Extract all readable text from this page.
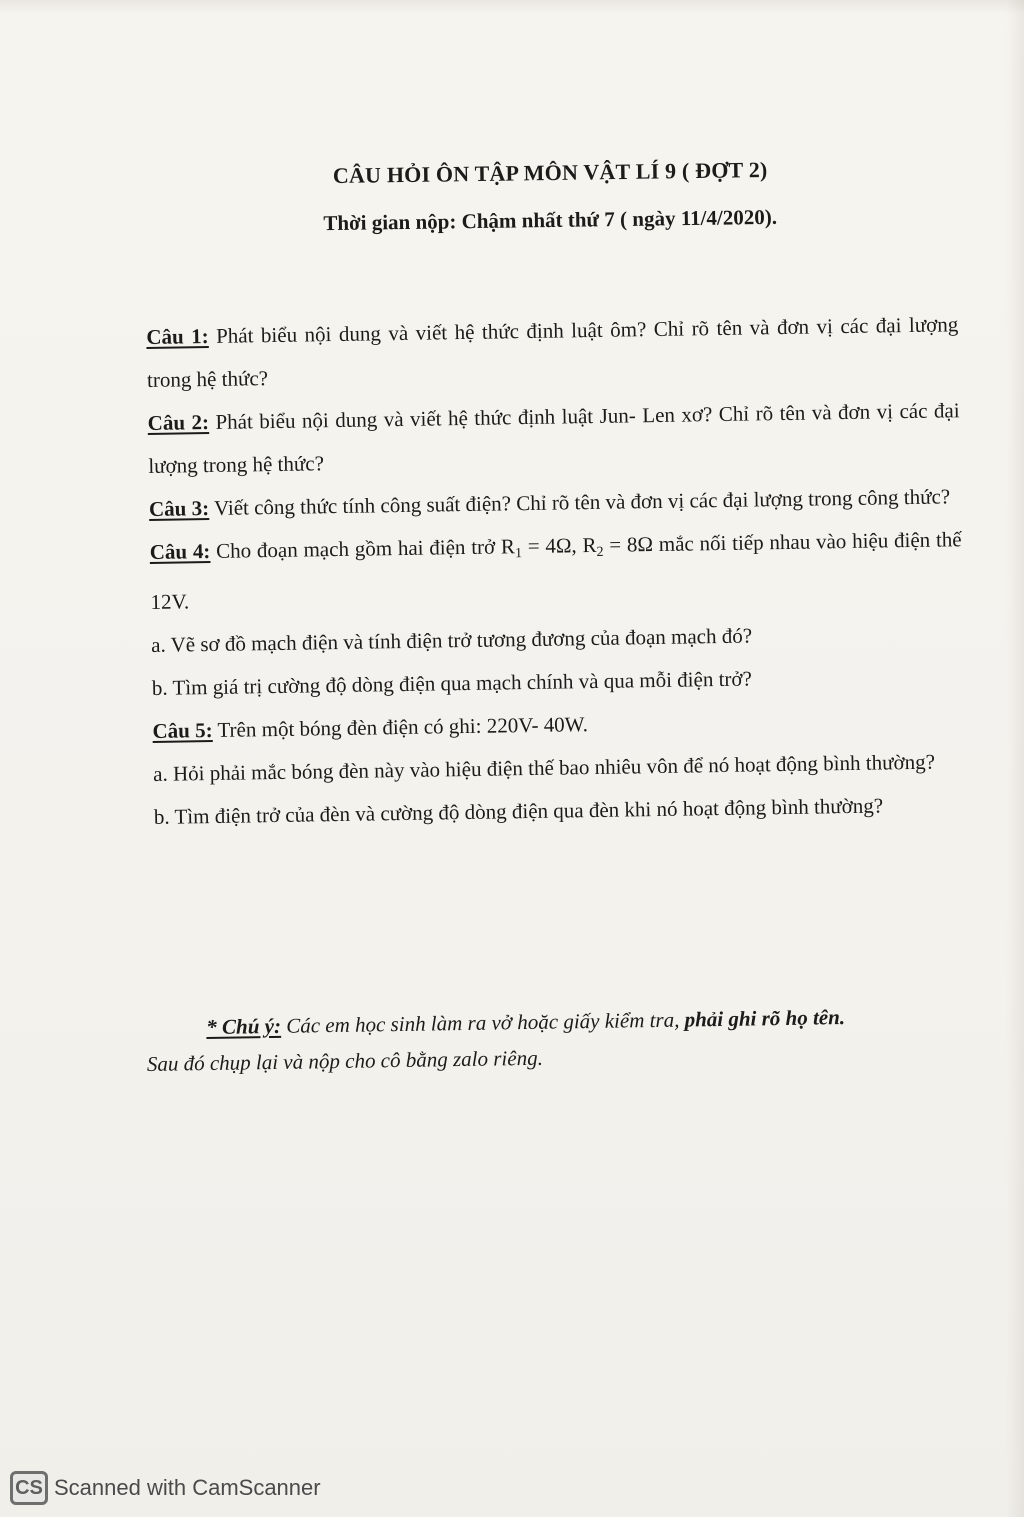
CÂU HỎI ÔN TẬP MÔN VẬT LÍ 9 ( ĐỢT 2)
Thời gian nộp: Chậm nhất thứ 7 ( ngày 11/4/2020).

Câu 1: Phát biểu nội dung và viết hệ thức định luật ôm? Chỉ rõ tên và đơn vị các đại lượng trong hệ thức?

Câu 2: Phát biểu nội dung và viết hệ thức định luật Jun- Len xơ? Chỉ rõ tên và đơn vị các đại lượng trong hệ thức?

Câu 3: Viết công thức tính công suất điện? Chỉ rõ tên và đơn vị các đại lượng trong công thức?

Câu 4: Cho đoạn mạch gồm hai điện trở $R_1 = 4\Omega$, $R_2 = 8\Omega$ mắc nối tiếp nhau vào hiệu điện thế 12V.

a. Vẽ sơ đồ mạch điện và tính điện trở tương đương của đoạn mạch đó?

b. Tìm giá trị cường độ dòng điện qua mạch chính và qua mỗi điện trở?

Câu 5: Trên một bóng đèn điện có ghi: 220V- 40W.

a. Hỏi phải mắc bóng đèn này vào hiệu điện thế bao nhiêu vôn để nó hoạt động bình thường?

b. Tìm điện trở của đèn và cường độ dòng điện qua đèn khi nó hoạt động bình thường?

* Chú ý: Các em học sinh làm ra vở hoặc giấy kiểm tra, phải ghi rõ họ tên.
Sau đó chụp lại và nộp cho cô bằng zalo riêng.
CS Scanned with CamScanner
